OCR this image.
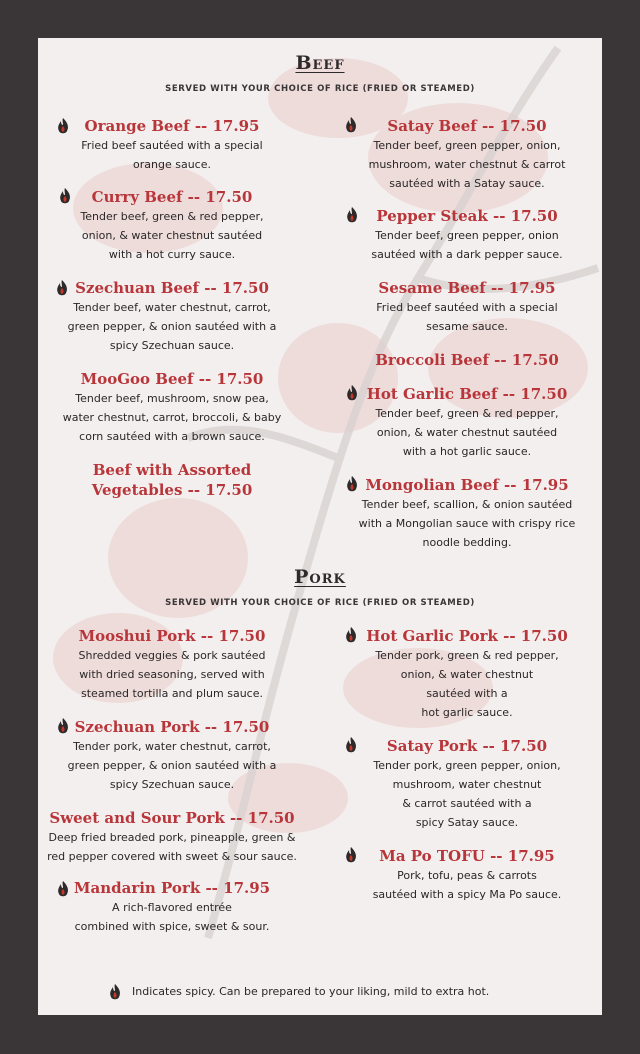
Beef
SERVED WITH YOUR CHOICE OF RICE (FRIED OR STEAMED)
Orange Beef -- 17.95
Fried beef sautéed with a special
orange sauce.
Curry Beef -- 17.50
Tender beef, green & red pepper,
onion, & water chestnut sautéed
with a hot curry sauce.
Szechuan Beef -- 17.50
Tender beef, water chestnut, carrot,
green pepper, & onion sautéed with a
spicy Szechuan sauce.
MooGoo Beef -- 17.50
Tender beef, mushroom, snow pea,
water chestnut, carrot, broccoli, & baby
corn sautéed with a brown sauce.
Beef with Assorted
Vegetables -- 17.50
Satay Beef -- 17.50
Tender beef, green pepper, onion,
mushroom, water chestnut & carrot
sautéed with a Satay sauce.
Pepper Steak -- 17.50
Tender beef, green pepper, onion
sautéed with a dark pepper sauce.
Sesame Beef -- 17.95
Fried beef sautéed with a special
sesame sauce.
Broccoli Beef -- 17.50
Hot Garlic Beef -- 17.50
Tender beef, green & red pepper,
onion, & water chestnut sautéed
with a hot garlic sauce.
Mongolian Beef -- 17.95
Tender beef, scallion, & onion sautéed
with a Mongolian sauce with crispy rice
noodle bedding.
Pork
SERVED WITH YOUR CHOICE OF RICE (FRIED OR STEAMED)
Mooshui Pork -- 17.50
Shredded veggies & pork sautéed
with dried seasoning, served with
steamed tortilla and plum sauce.
Szechuan Pork -- 17.50
Tender pork, water chestnut, carrot,
green pepper, & onion sautéed with a
spicy Szechuan sauce.
Sweet and Sour Pork -- 17.50
Deep fried breaded pork, pineapple, green &
red pepper covered with sweet & sour sauce.
Mandarin Pork -- 17.95
A rich-flavored entrée
combined with spice, sweet & sour.
Hot Garlic Pork -- 17.50
Tender pork, green & red pepper,
onion, & water chestnut
sautéed with a
hot garlic sauce.
Satay Pork -- 17.50
Tender pork, green pepper, onion,
mushroom, water chestnut
& carrot sautéed with a
spicy Satay sauce.
Ma Po TOFU -- 17.95
Pork, tofu, peas & carrots
sautéed with a spicy Ma Po sauce.
Indicates spicy. Can be prepared to your liking, mild to extra hot.
